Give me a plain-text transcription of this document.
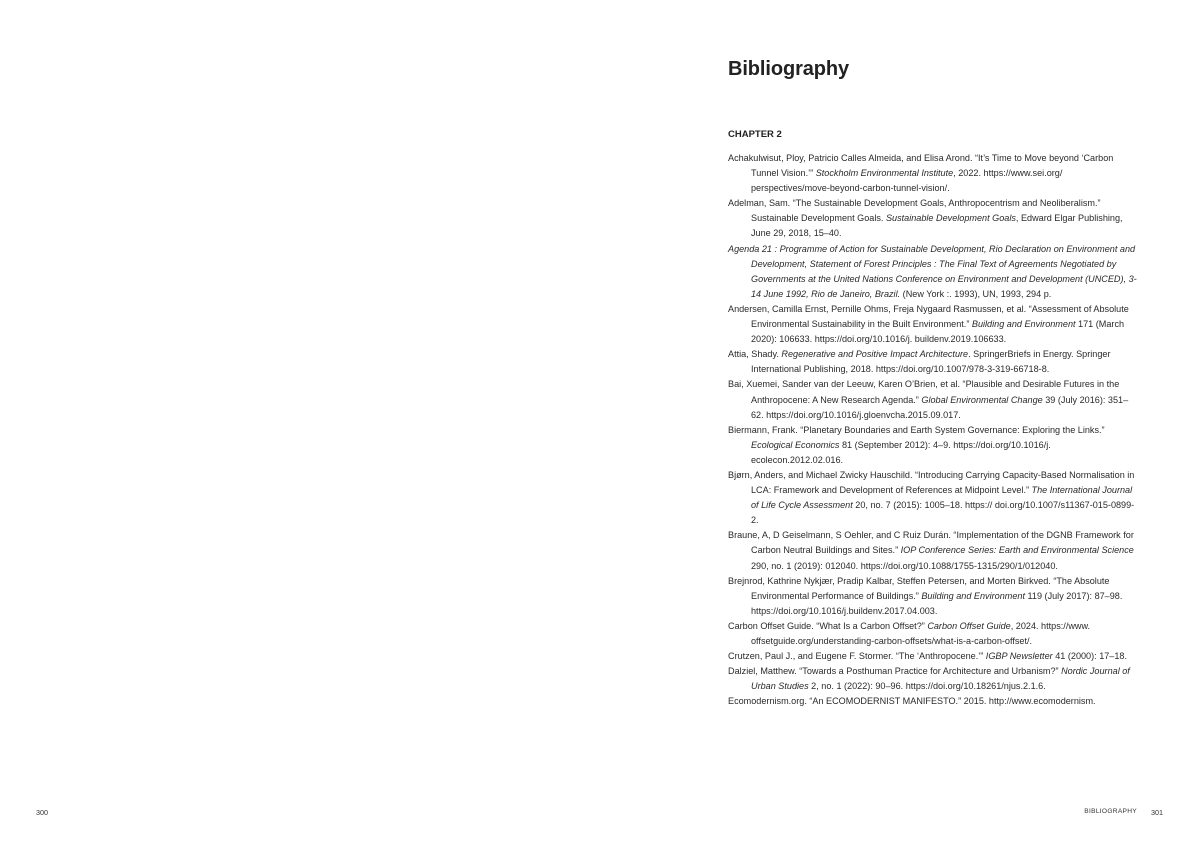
300
Bibliography
CHAPTER 2

Achakulwisut, Ploy, Patricio Calles Almeida, and Elisa Arond. “It’s Time to Move beyond ‘Carbon Tunnel Vision.’” Stockholm Environmental Institute, 2022. https://www.sei.org/ perspectives/move-beyond-carbon-tunnel-vision/.

Adelman, Sam. “The Sustainable Development Goals, Anthropocentrism and Neoliberalism.” Sustainable Development Goals. Sustainable Development Goals, Edward Elgar Publishing, June 29, 2018, 15–40.

Agenda 21 : Programme of Action for Sustainable Development, Rio Declaration on Environment and Development, Statement of Forest Principles : The Final Text of Agreements Negotiated by Governments at the United Nations Conference on Environment and Development (UNCED), 3-14 June 1992, Rio de Janeiro, Brazil. (New York :. 1993), UN, 1993, 294 p.

Andersen, Camilla Ernst, Pernille Ohms, Freja Nygaard Rasmussen, et al. “Assessment of Absolute Environmental Sustainability in the Built Environment.” Building and Environment 171 (March 2020): 106633. https://doi.org/10.1016/j. buildenv.2019.106633.

Attia, Shady. Regenerative and Positive Impact Architecture. SpringerBriefs in Energy. Springer International Publishing, 2018. https://doi.org/10.1007/978-3-319-66718-8.

Bai, Xuemei, Sander van der Leeuw, Karen O’Brien, et al. “Plausible and Desirable Futures in the Anthropocene: A New Research Agenda.” Global Environmental Change 39 (July 2016): 351–62. https://doi.org/10.1016/j.gloenvcha.2015.09.017.

Biermann, Frank. “Planetary Boundaries and Earth System Governance: Exploring the Links.” Ecological Economics 81 (September 2012): 4–9. https://doi.org/10.1016/j. ecolecon.2012.02.016.

Bjørn, Anders, and Michael Zwicky Hauschild. “Introducing Carrying Capacity-Based Normalisation in LCA: Framework and Development of References at Midpoint Level.” The International Journal of Life Cycle Assessment 20, no. 7 (2015): 1005–18. https:// doi.org/10.1007/s11367-015-0899-2.

Braune, A, D Geiselmann, S Oehler, and C Ruiz Durán. “Implementation of the DGNB Framework for Carbon Neutral Buildings and Sites.” IOP Conference Series: Earth and Environmental Science 290, no. 1 (2019): 012040. https://doi.org/10.1088/1755-1315/290/1/012040.

Brejnrod, Kathrine Nykjær, Pradip Kalbar, Steffen Petersen, and Morten Birkved. “The Absolute Environmental Performance of Buildings.” Building and Environment 119 (July 2017): 87–98. https://doi.org/10.1016/j.buildenv.2017.04.003.

Carbon Offset Guide. “What Is a Carbon Offset?” Carbon Offset Guide, 2024. https://www. offsetguide.org/understanding-carbon-offsets/what-is-a-carbon-offset/.

Crutzen, Paul J., and Eugene F. Stormer. “The ‘Anthropocene.’” IGBP Newsletter 41 (2000): 17–18.

Dalziel, Matthew. “Towards a Posthuman Practice for Architecture and Urbanism?” Nordic Journal of Urban Studies 2, no. 1 (2022): 90–96. https://doi.org/10.18261/njus.2.1.6.

Ecomodernism.org. “An ECOMODERNIST MANIFESTO.” 2015. http://www.ecomodernism.

BIBLIOGRAPHY 301
